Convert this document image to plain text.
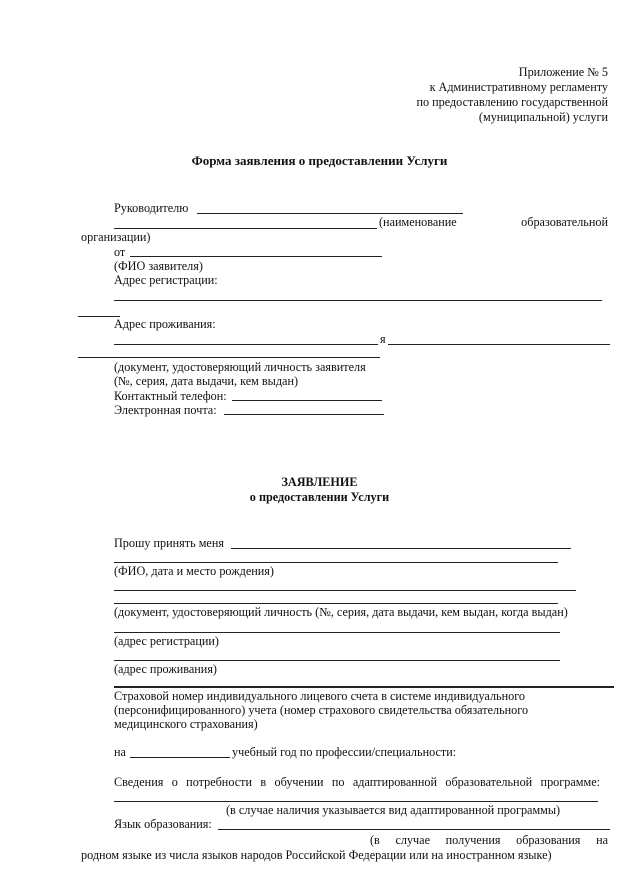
Приложение № 5
к Административному регламенту
по предоставлению государственной
(муниципальной) услуги
Форма заявления о предоставлении Услуги
Руководителю
(наименование	образовательной
организации)
от
(ФИО заявителя)
Адрес регистрации:
Адрес проживания:
я
(документ, удостоверяющий личность заявителя
(№, серия, дата выдачи, кем выдан)
Контактный телефон:
Электронная почта:
ЗАЯВЛЕНИЕ
о предоставлении Услуги
Прошу принять меня
(ФИО, дата и место рождения)
(документ, удостоверяющий личность (№, серия, дата выдачи, кем выдан, когда выдан)
(адрес регистрации)
(адрес проживания)
Страховой номер индивидуального лицевого счета в системе индивидуального
(персонифицированного) учета (номер страхового свидетельства обязательного
медицинского страхования)
на	учебный год по профессии/специальности:
Сведения о потребности в обучении по адаптированной образовательной программе:
(в случае наличия указывается вид адаптированной программы)
Язык образования:
(в случае получения образования на
родном языке из числа языков народов Российской Федерации или на иностранном языке)
